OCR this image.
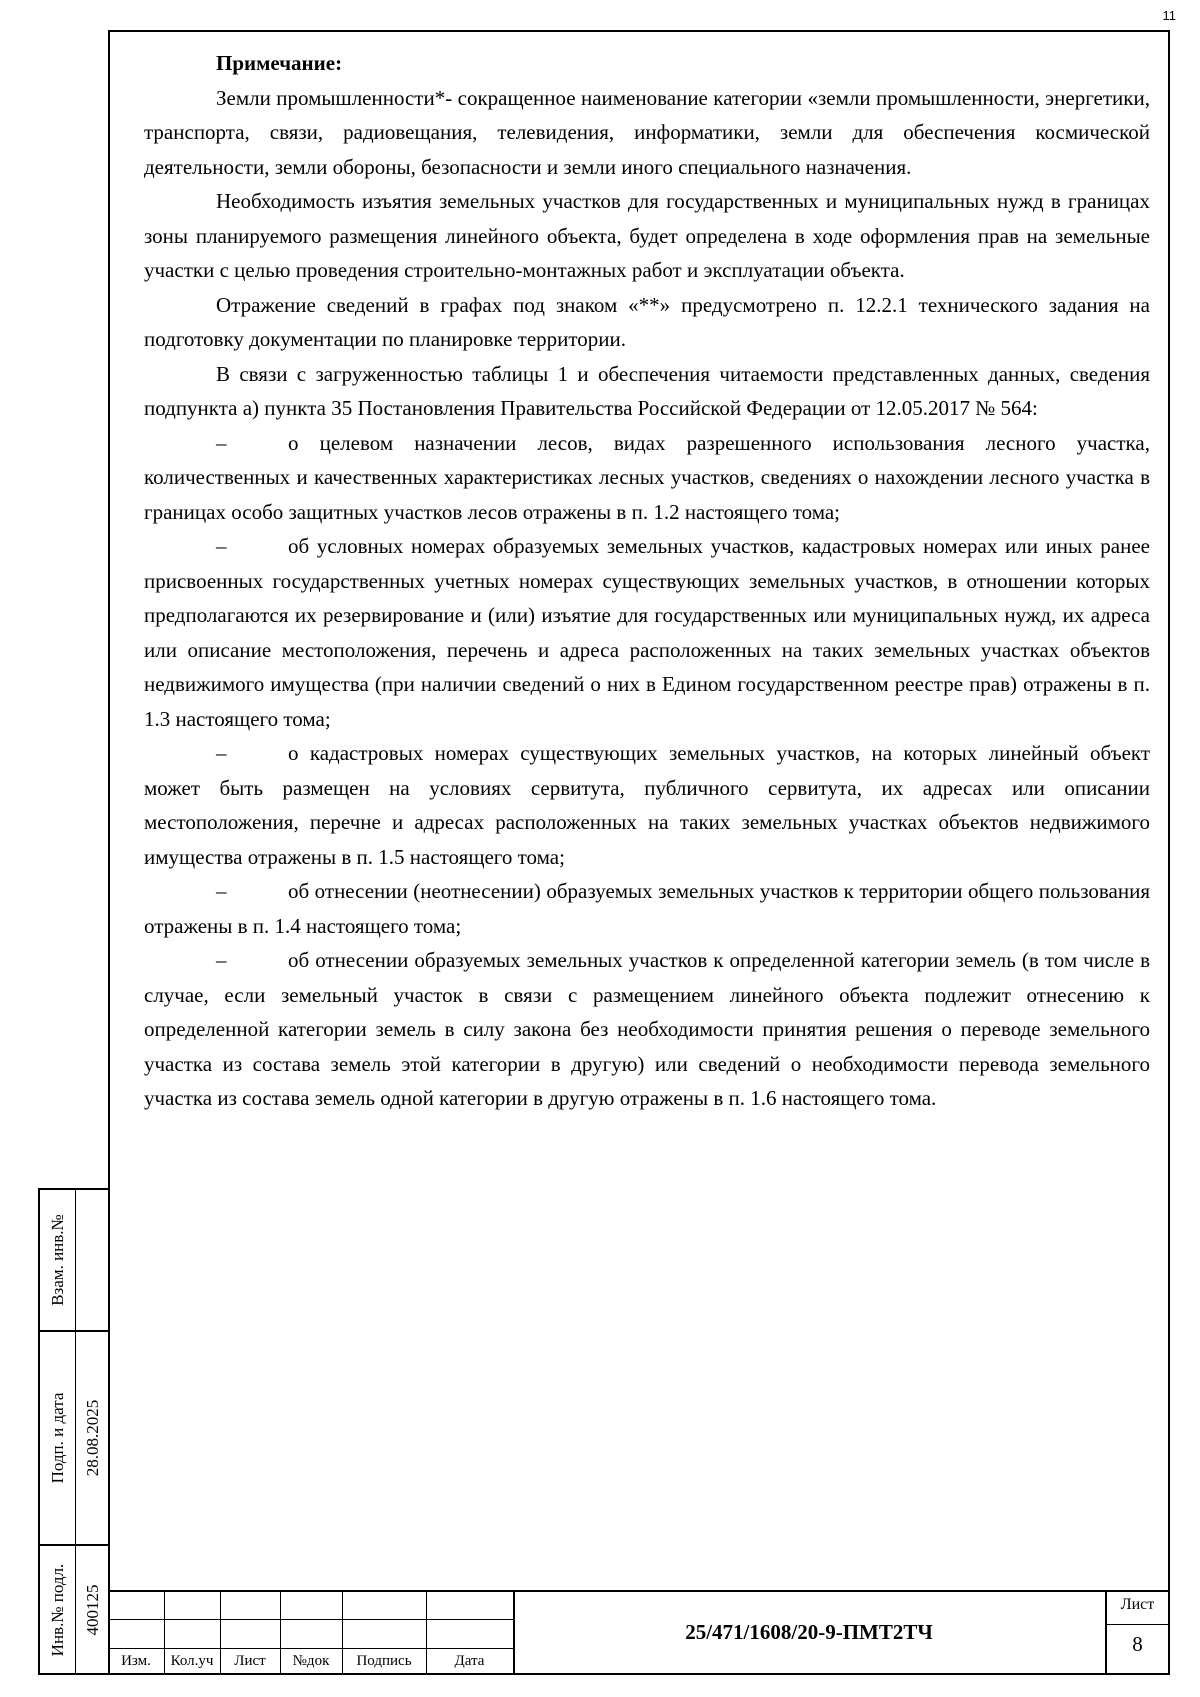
11

Примечание:

Земли промышленности*- сокращенное наименование категории «земли промышленности, энергетики, транспорта, связи, радиовещания, телевидения, информатики, земли для обеспечения космической деятельности, земли обороны, безопасности и земли иного специального назначения.

Необходимость изъятия земельных участков для государственных и муниципальных нужд в границах зоны планируемого размещения линейного объекта, будет определена в ходе оформления прав на земельные участки с целью проведения строительно-монтажных работ и эксплуатации объекта.

Отражение сведений в графах под знаком «**» предусмотрено п. 12.2.1 технического задания на подготовку документации по планировке территории.

В связи с загруженностью таблицы 1 и обеспечения читаемости представленных данных, сведения подпункта а) пункта 35 Постановления Правительства Российской Федерации от 12.05.2017 № 564:

–	о целевом назначении лесов, видах разрешенного использования лесного участка, количественных и качественных характеристиках лесных участков, сведениях о нахождении лесного участка в границах особо защитных участков лесов отражены в п. 1.2 настоящего тома;

–	об условных номерах образуемых земельных участков, кадастровых номерах или иных ранее присвоенных государственных учетных номерах существующих земельных участков, в отношении которых предполагаются их резервирование и (или) изъятие для государственных или муниципальных нужд, их адреса или описание местоположения, перечень и адреса расположенных на таких земельных участках объектов недвижимого имущества (при наличии сведений о них в Едином государственном реестре прав) отражены в п. 1.3 настоящего тома;

–	о кадастровых номерах существующих земельных участков, на которых линейный объект может быть размещен на условиях сервитута, публичного сервитута, их адресах или описании местоположения, перечне и адресах расположенных на таких земельных участках объектов недвижимого имущества отражены в п. 1.5 настоящего тома;

–	об отнесении (неотнесении) образуемых земельных участков к территории общего пользования отражены в п. 1.4 настоящего тома;

–	об отнесении образуемых земельных участков к определенной категории земель (в том числе в случае, если земельный участок в связи с размещением линейного объекта подлежит отнесению к определенной категории земель в силу закона без необходимости принятия решения о переводе земельного участка из состава земель этой категории в другую) или сведений о необходимости перевода земельного участка из состава земель одной категории в другую отражены в п. 1.6 настоящего тома.

Взам. инв.№
Подп. и дата 28.08.2025
Инв.№ подл. 400125
Изм.	Кол.уч	Лист	№док	Подпись	Дата
25/471/1608/20-9-ПМТ2ТЧ
Лист
8
